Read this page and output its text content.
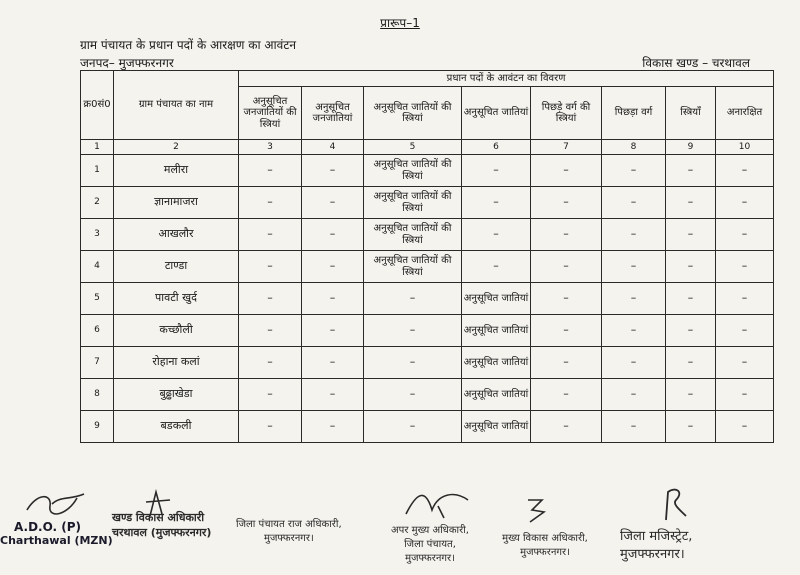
प्रारूप–1
ग्राम पंचायत के प्रधान पदों के आरक्षण का आवंटन
जनपद– मुजफ्फरनगर	विकास खण्ड – चरथावल
क्र0सं0	ग्राम पंचायत का नाम	प्रधान पदों के आवंटन का विवरण							
		अनुसूचित जनजातियों की स्त्रियां	अनुसूचित जनजातियां	अनुसूचित जातियों की स्त्रियां	अनुसूचित जातियां	पिछड़े वर्ग की स्त्रियां	पिछड़ा वर्ग	स्त्रियाँ	अनारक्षित
1	2	3	4	5	6	7	8	9	10
1	मलीरा	–	–	अनुसूचित जातियों की स्त्रियां	–	–	–	–	–
2	ज्ञानामाजरा	–	–	अनुसूचित जातियों की स्त्रियां	–	–	–	–	–
3	आखलौर	–	–	अनुसूचित जातियों की स्त्रियां	–	–	–	–	–
4	टाण्डा	–	–	अनुसूचित जातियों की स्त्रियां	–	–	–	–	–
5	पावटी खुर्द	–	–	–	अनुसूचित जातियां	–	–	–	–
6	कच्छौली	–	–	–	अनुसूचित जातियां	–	–	–	–
7	रोहाना कलां	–	–	–	अनुसूचित जातियां	–	–	–	–
8	बुढ्ढाखेडा	–	–	–	अनुसूचित जातियां	–	–	–	–
9	बडकली	–	–	–	अनुसूचित जातियां	–	–	–	–
A.D.O. (P)
Charthawal (MZN)
खण्ड विकास अधिकारी
चरथावल (मुजफ्फरनगर)
जिला पंचायत राज अधिकारी,
मुजफ्फरनगर।
अपर मुख्य अधिकारी,
जिला पंचायत,
मुजफ्फरनगर।
मुख्य विकास अधिकारी,
मुजफ्फरनगर।
जिला मजिस्ट्रेट,
मुजफ्फरनगर।
